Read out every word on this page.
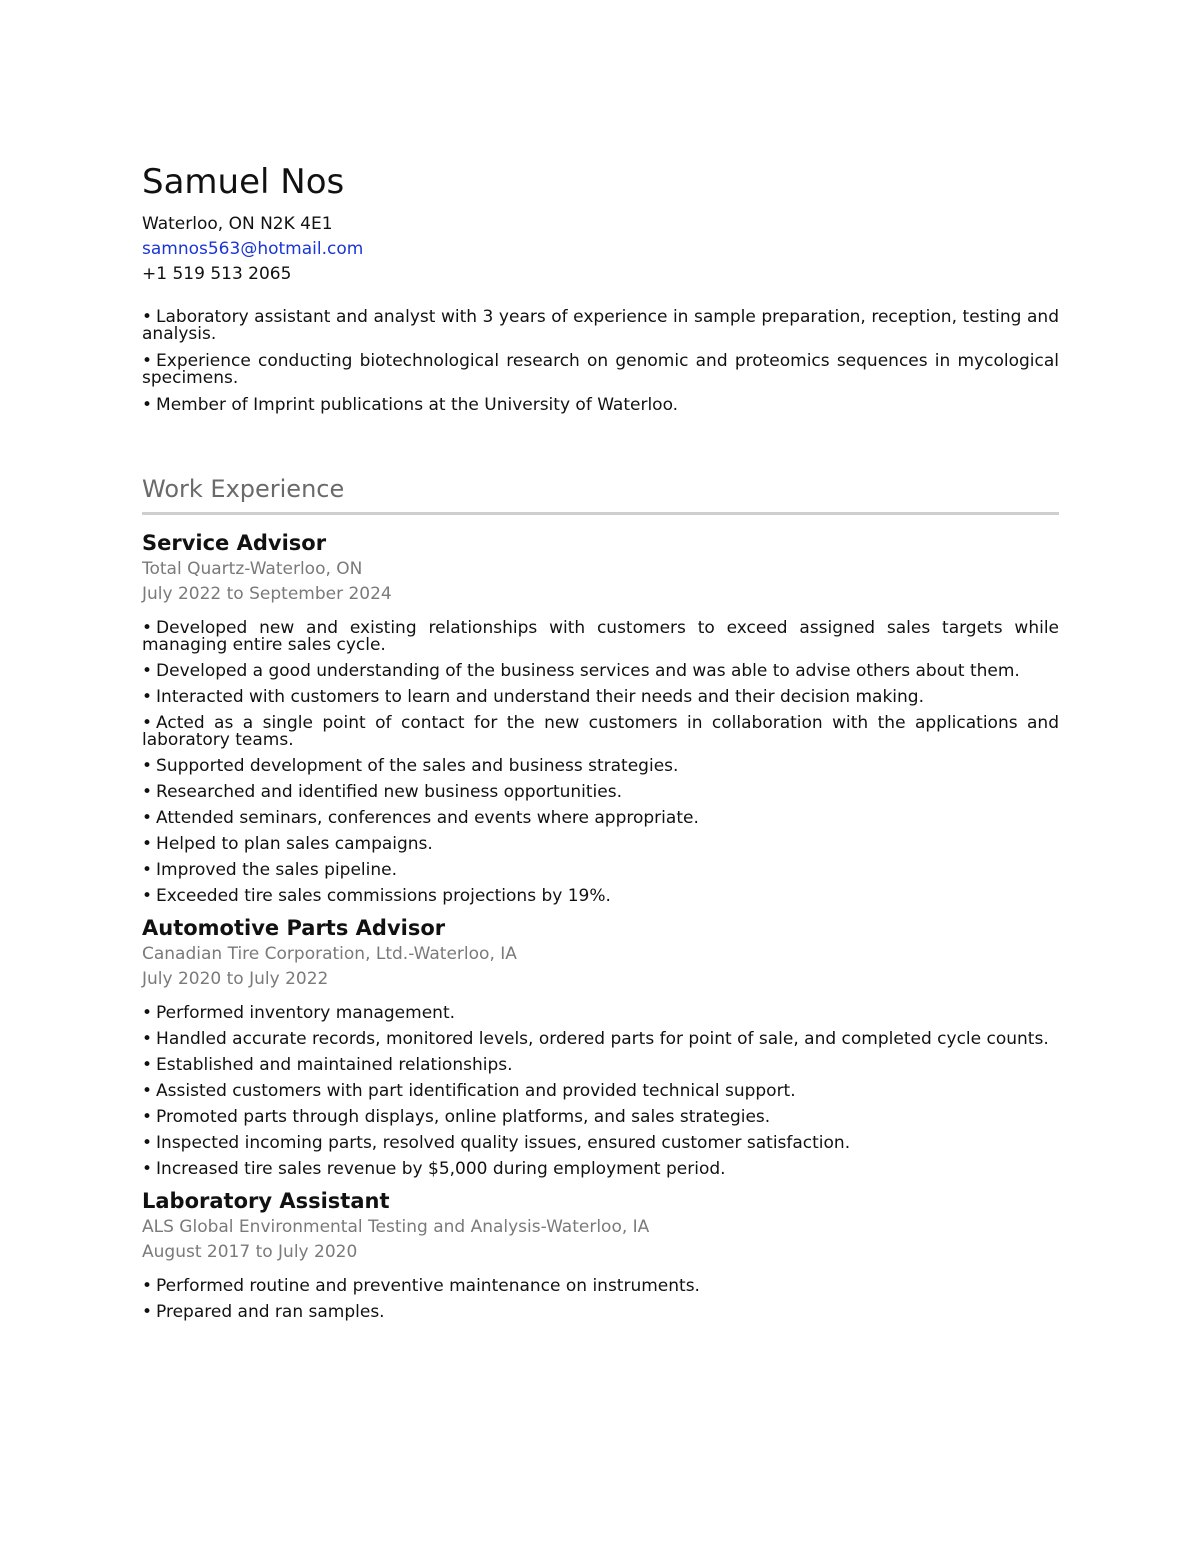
Samuel Nos

Waterloo, ON N2K 4E1

samnos563@hotmail.com

+1 519 513 2065

• Laboratory assistant and analyst with 3 years of experience in sample preparation, reception, testing and analysis.

• Experience conducting biotechnological research on genomic and proteomics sequences in mycological specimens.

• Member of Imprint publications at the University of Waterloo.

Work Experience
Service Advisor

Total Quartz-Waterloo, ON

July 2022 to September 2024

• Developed new and existing relationships with customers to exceed assigned sales targets while managing entire sales cycle.

• Developed a good understanding of the business services and was able to advise others about them.

• Interacted with customers to learn and understand their needs and their decision making.

• Acted as a single point of contact for the new customers in collaboration with the applications and laboratory teams.

• Supported development of the sales and business strategies.

• Researched and identified new business opportunities.

• Attended seminars, conferences and events where appropriate.

• Helped to plan sales campaigns.

• Improved the sales pipeline.

• Exceeded tire sales commissions projections by 19%.

Automotive Parts Advisor

Canadian Tire Corporation, Ltd.-Waterloo, IA

July 2020 to July 2022

• Performed inventory management.

• Handled accurate records, monitored levels, ordered parts for point of sale, and completed cycle counts.

• Established and maintained relationships.

• Assisted customers with part identification and provided technical support.

• Promoted parts through displays, online platforms, and sales strategies.

• Inspected incoming parts, resolved quality issues, ensured customer satisfaction.

• Increased tire sales revenue by $5,000 during employment period.

Laboratory Assistant

ALS Global Environmental Testing and Analysis-Waterloo, IA

August 2017 to July 2020

• Performed routine and preventive maintenance on instruments.

• Prepared and ran samples.
